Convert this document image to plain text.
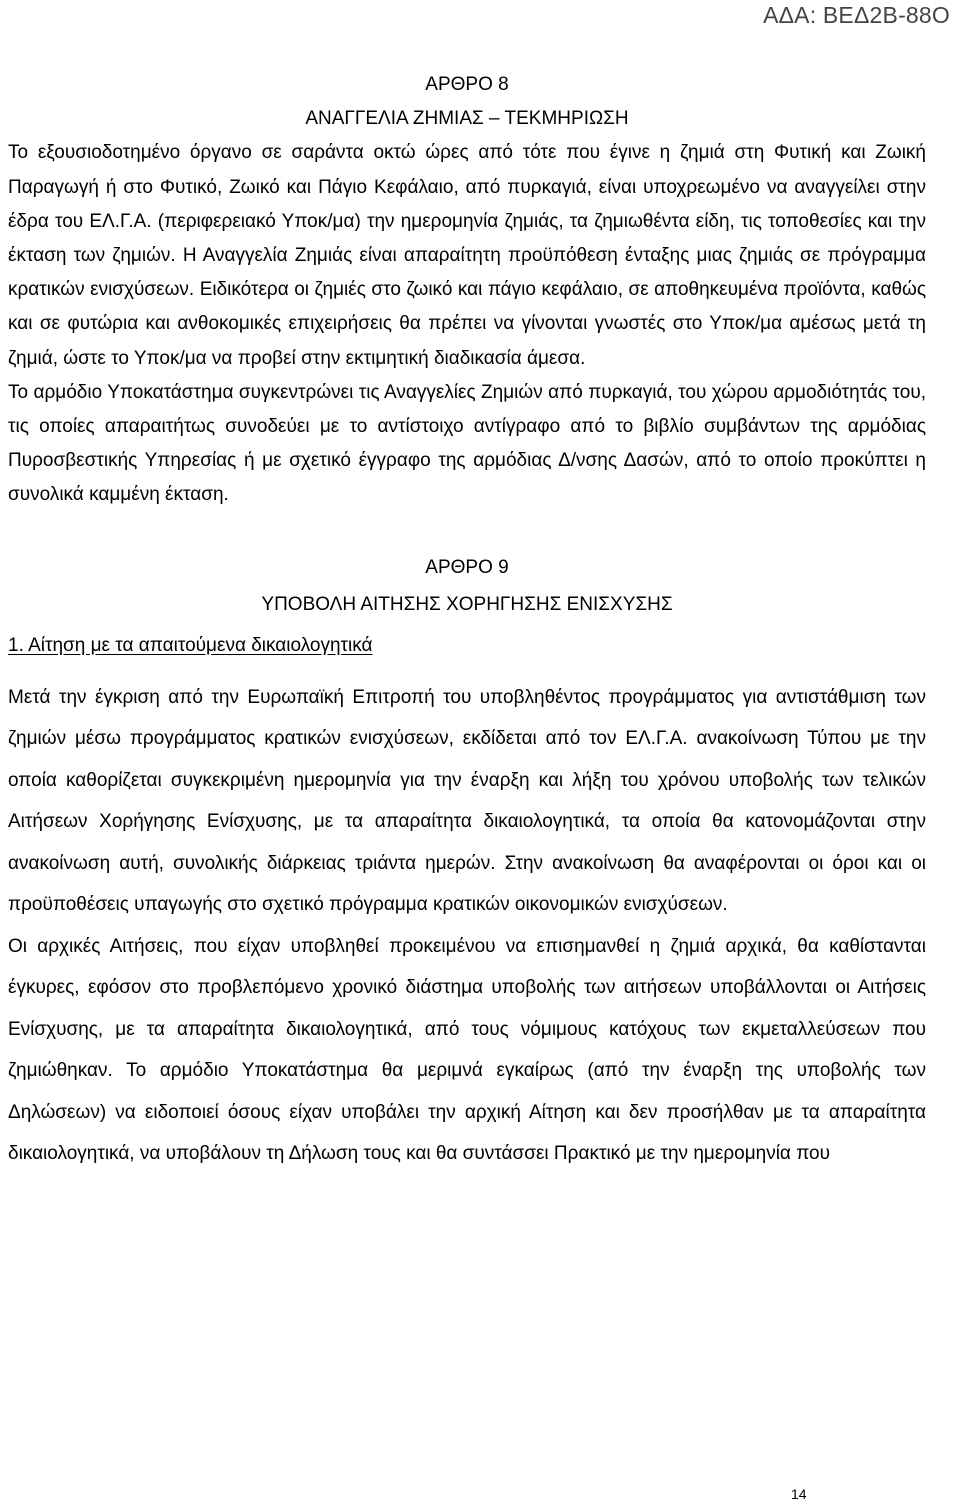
ΑΔΑ: ΒΕΔ2Β-88Ο

ΑΡΘΡΟ 8

ΑΝΑΓΓΕΛΙΑ ΖΗΜΙΑΣ – ΤΕΚΜΗΡΙΩΣΗ

Το εξουσιοδοτημένο όργανο σε σαράντα οκτώ ώρες από τότε που έγινε η ζημιά στη Φυτική και Ζωική Παραγωγή ή στο Φυτικό, Ζωικό και Πάγιο Κεφάλαιο, από πυρκαγιά, είναι υποχρεωμένο να αναγγείλει στην έδρα του ΕΛ.Γ.Α. (περιφερειακό Υποκ/μα) την ημερομηνία ζημιάς, τα ζημιωθέντα είδη, τις τοποθεσίες και την έκταση των ζημιών. Η Αναγγελία Ζημιάς είναι απαραίτητη προϋπόθεση ένταξης μιας ζημιάς σε πρόγραμμα κρατικών ενισχύσεων. Ειδικότερα οι ζημιές στο ζωικό και πάγιο κεφάλαιο, σε αποθηκευμένα προϊόντα, καθώς και σε φυτώρια και ανθοκομικές επιχειρήσεις θα πρέπει να γίνονται γνωστές στο Υποκ/μα αμέσως μετά τη ζημιά, ώστε το Υποκ/μα να προβεί στην εκτιμητική διαδικασία άμεσα.

Το αρμόδιο Υποκατάστημα συγκεντρώνει τις Αναγγελίες Ζημιών από πυρκαγιά, του χώρου αρμοδιότητάς του, τις οποίες απαραιτήτως συνοδεύει με το αντίστοιχο αντίγραφο από το βιβλίο συμβάντων της αρμόδιας Πυροσβεστικής Υπηρεσίας ή με σχετικό έγγραφο της αρμόδιας Δ/νσης Δασών, από το οποίο προκύπτει η συνολικά καμμένη έκταση.

ΑΡΘΡΟ 9

ΥΠΟΒΟΛΗ ΑΙΤΗΣΗΣ ΧΟΡΗΓΗΣΗΣ ΕΝΙΣΧΥΣΗΣ

1. Αίτηση με τα απαιτούμενα δικαιολογητικά

Μετά την έγκριση από την Ευρωπαϊκή Επιτροπή του υποβληθέντος προγράμματος για αντιστάθμιση των ζημιών μέσω προγράμματος κρατικών ενισχύσεων, εκδίδεται από τον ΕΛ.Γ.Α. ανακοίνωση Τύπου με την οποία καθορίζεται συγκεκριμένη ημερομηνία για την έναρξη και λήξη του χρόνου υποβολής των τελικών Αιτήσεων Χορήγησης Ενίσχυσης, με τα απαραίτητα δικαιολογητικά, τα οποία θα κατονομάζονται στην ανακοίνωση αυτή, συνολικής διάρκειας τριάντα ημερών. Στην ανακοίνωση θα αναφέρονται οι όροι και οι προϋποθέσεις υπαγωγής στο σχετικό πρόγραμμα κρατικών οικονομικών ενισχύσεων.

Οι αρχικές Αιτήσεις, που είχαν υποβληθεί προκειμένου να επισημανθεί η ζημιά αρχικά, θα καθίστανται έγκυρες, εφόσον στο προβλεπόμενο χρονικό διάστημα υποβολής των αιτήσεων υποβάλλονται οι Αιτήσεις Ενίσχυσης, με τα απαραίτητα δικαιολογητικά, από τους νόμιμους κατόχους των εκμεταλλεύσεων που ζημιώθηκαν. Το αρμόδιο Υποκατάστημα θα μεριμνά εγκαίρως (από την έναρξη της υποβολής των Δηλώσεων) να ειδοποιεί όσους είχαν υποβάλει την αρχική Αίτηση και δεν προσήλθαν με τα απαραίτητα δικαιολογητικά, να υποβάλουν τη Δήλωση τους και θα συντάσσει Πρακτικό με την ημερομηνία που

14
